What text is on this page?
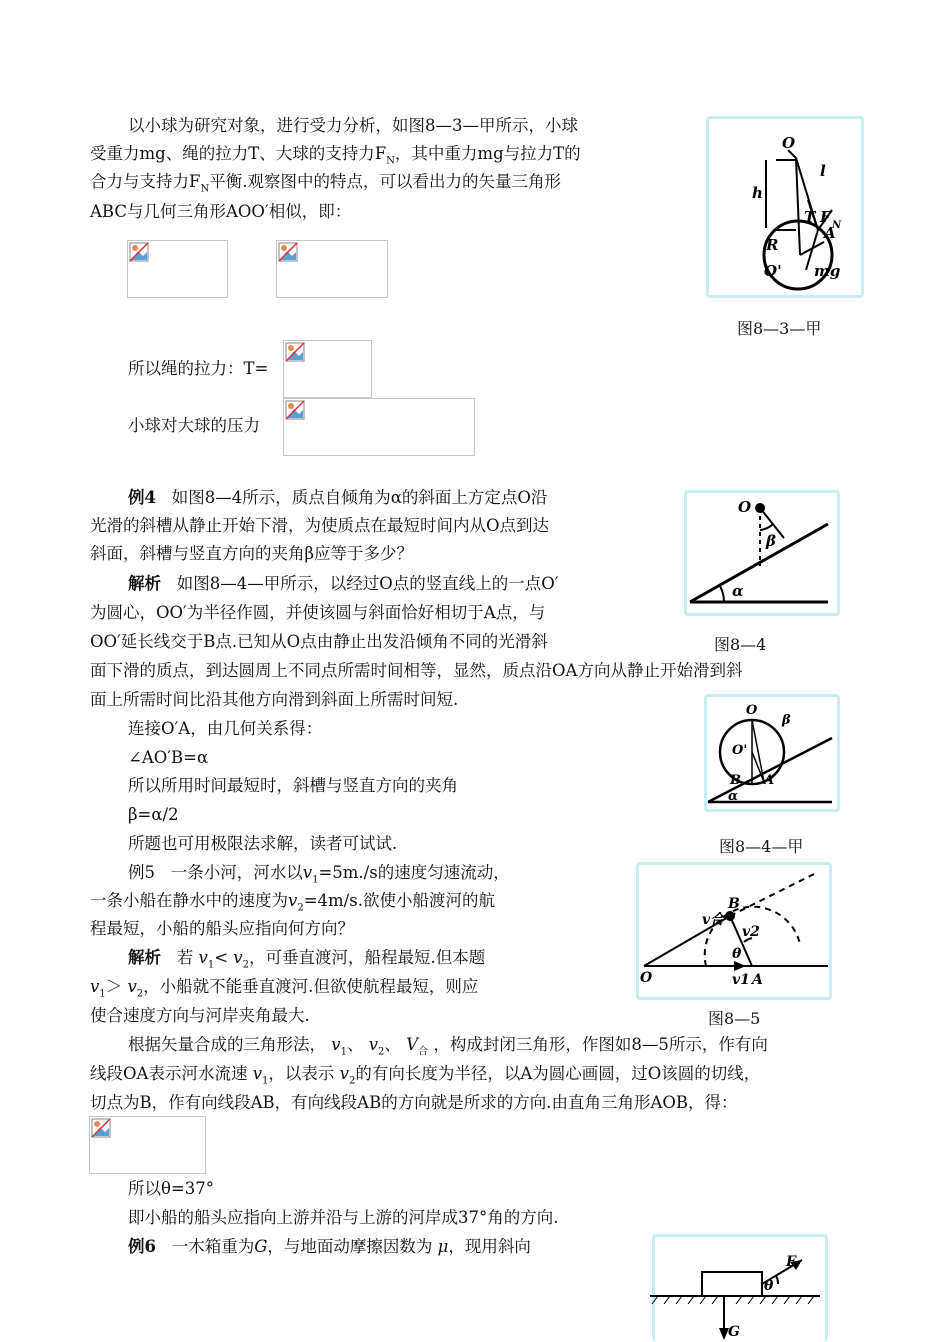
以小球为研究对象，进行受力分析，如图8—3—甲所示，小球
受重力mg、绳的拉力T、大球的支持力$F_N$，其中重力mg与拉力T的
合力与支持力$F_N$平衡.观察图中的特点，可以看出力的矢量三角形
ABC与几何三角形AOO′相似，即：
所以绳的拉力：T=
小球对大球的压力
O
l
h
T F N
A
R
O' mg
图8—3—甲
例4 如图8—4所示，质点自倾角为α的斜面上方定点O沿
光滑的斜槽从静止开始下滑，为使质点在最短时间内从O点到达
斜面，斜槽与竖直方向的夹角β应等于多少？
解析 如图8—4—甲所示，以经过O点的竖直线上的一点O′
为圆心，OO′为半径作圆，并使该圆与斜面恰好相切于A点，与
OO′延长线交于B点.已知从O点由静止出发沿倾角不同的光滑斜
面下滑的质点，到达圆周上不同点所需时间相等，显然，质点沿OA方向从静止开始滑到斜
面上所需时间比沿其他方向滑到斜面上所需时间短.
连接O′A，由几何关系得：
∠AO′B=α
所以所用时间最短时，斜槽与竖直方向的夹角
β=α/2
所题也可用极限法求解，读者可试试.
O
β
α
图8—4
O
β
O'
B A
α
图8—4—甲
例5 一条小河，河水以$v_1=5m./s$的速度匀速流动，
一条小船在静水中的速度为$v_2=4m/s$.欲使小船渡河的航
程最短，小船的船头应指向何方向？
解析 若 $v_1< v_2$，可垂直渡河，船程最短.但本题
$v_1> v_2$，小船就不能垂直渡河.但欲使航程最短，则应
使合速度方向与河岸夹角最大.
根据矢量合成的三角形法， $v_1$、 $v_2$、 $V_合$ ，构成封闭三角形，作图如8—5所示，作有向
线段OA表示河水流速 $v_1$，以表示 $v_2$的有向长度为半径，以A为圆心画圆，过O该圆的切线，
切点为B，作有向线段AB，有向线段AB的方向就是所求的方向.由直角三角形AOB，得：
所以θ=37°
即小船的船头应指向上游并沿与上游的河岸成37°角的方向.
v合
B
v2
θ
O	v1 A
图8—5
例6 一木箱重为G，与地面动摩擦因数为 μ，现用斜向
F
θ
G
